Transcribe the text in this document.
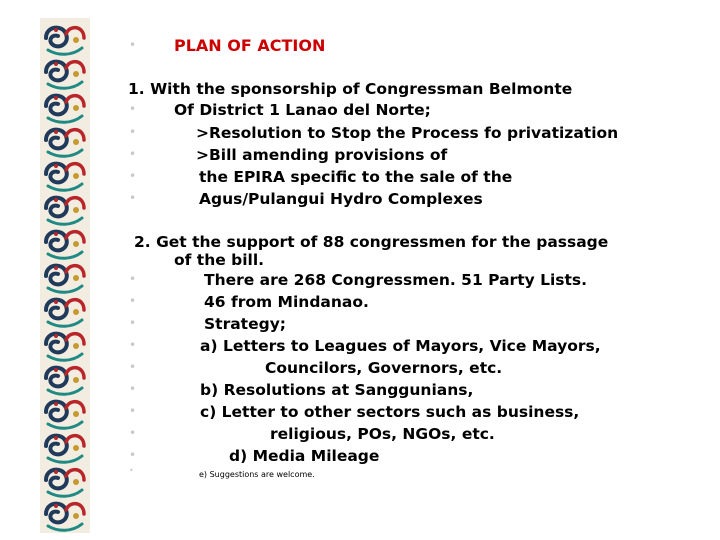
• PLAN OF ACTION
1. With the sponsorship of Congressman Belmonte
• Of District 1 Lanao del Norte;
•	>Resolution to Stop the Process fo privatization
•	>Bill amending provisions of
•	the EPIRA specific to the sale of the
•	Agus/Pulangui Hydro Complexes
2. Get the support of 88 congressmen for the passage
of the bill.
•	There are 268 Congressmen. 51 Party Lists.
•	46 from Mindanao.
•	Strategy;
•	a) Letters to Leagues of Mayors, Vice Mayors,
•	Councilors, Governors, etc.
•	b) Resolutions at Sanggunians,
•	c) Letter to other sectors such as business,
•	religious, POs, NGOs, etc.
•	d) Media Mileage
•	e) Suggestions are welcome.
